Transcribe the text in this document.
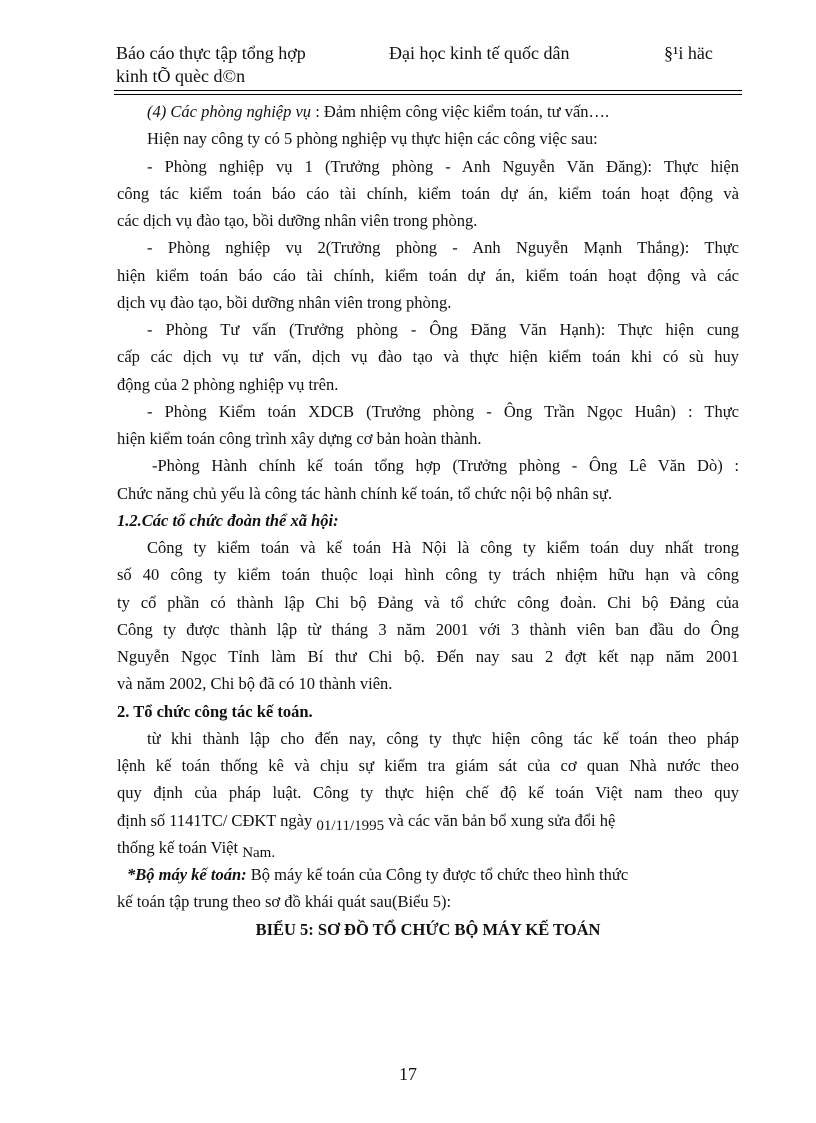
Báo cáo thực tập tổng hợp	Đại học kinh tế quốc dân	§¹i häc
kinh tÕ quèc d©n
(4) Các phòng nghiệp vụ : Đảm nhiệm công việc kiểm toán, tư vấn….
Hiện nay công ty có 5 phòng nghiệp vụ thực hiện các công việc sau:
- Phòng nghiệp vụ 1 (Trưởng phòng - Anh Nguyễn Văn Đăng): Thực hiện
công tác kiểm toán báo cáo tài chính, kiểm toán dự án, kiểm toán hoạt động và
các dịch vụ đào tạo, bồi dưỡng nhân viên trong phòng.
- Phòng nghiệp vụ 2(Trưởng phòng - Anh Nguyễn Mạnh Thắng): Thực
hiện kiểm toán báo cáo tài chính, kiểm toán dự án, kiểm toán hoạt động và các
dịch vụ đào tạo, bồi dưỡng nhân viên trong phòng.
- Phòng Tư vấn (Trưởng phòng - Ông Đăng Văn Hạnh): Thực hiện cung
cấp các dịch vụ tư vấn, dịch vụ đào tạo và thực hiện kiểm toán khi có sù huy
động của 2 phòng nghiệp vụ trên.
- Phòng Kiểm toán XDCB (Trưởng phòng - Ông Trần Ngọc Huân) : Thực
hiện kiểm toán công trình xây dựng cơ bản hoàn thành.
-Phòng Hành chính kế toán tổng hợp (Trưởng phòng - Ông Lê Văn Dò) :
Chức năng chủ yếu là công tác hành chính kế toán, tổ chức nội bộ nhân sự.
1.2.Các tổ chức đoàn thể xã hội:
Công ty kiểm toán và kế toán Hà Nội là công ty kiểm toán duy nhất trong
số 40 công ty kiểm toán thuộc loại hình công ty trách nhiệm hữu hạn và công
ty cổ phần có thành lập Chi bộ Đảng và tổ chức công đoàn. Chi bộ Đảng của
Công ty được thành lập từ tháng 3 năm 2001 với 3 thành viên ban đầu do Ông
Nguyễn Ngọc Tỉnh làm Bí thư Chi bộ. Đến nay sau 2 đợt kết nạp năm 2001
và năm 2002, Chi bộ đã có 10 thành viên.
2. Tổ chức công tác kế toán.
từ khi thành lập cho đến nay, công ty thực hiện công tác kế toán theo pháp
lệnh kế toán thống kê và chịu sự kiểm tra giám sát của cơ quan Nhà nước theo
quy định của pháp luật. Công ty thực hiện chế độ kế toán Việt nam theo quy
định số 1141TC/ CĐKT ngày 01/11/1995 và các văn bản bổ xung sửa đổi hệ
thống kế toán Việt Nam.
*Bộ máy kế toán: Bộ máy kế toán của Công ty được tổ chức theo hình thức
kế toán tập trung theo sơ đồ khái quát sau(Biểu 5):
BIỂU 5: SƠ ĐỒ TỔ CHỨC BỘ MÁY KẾ TOÁN
17
